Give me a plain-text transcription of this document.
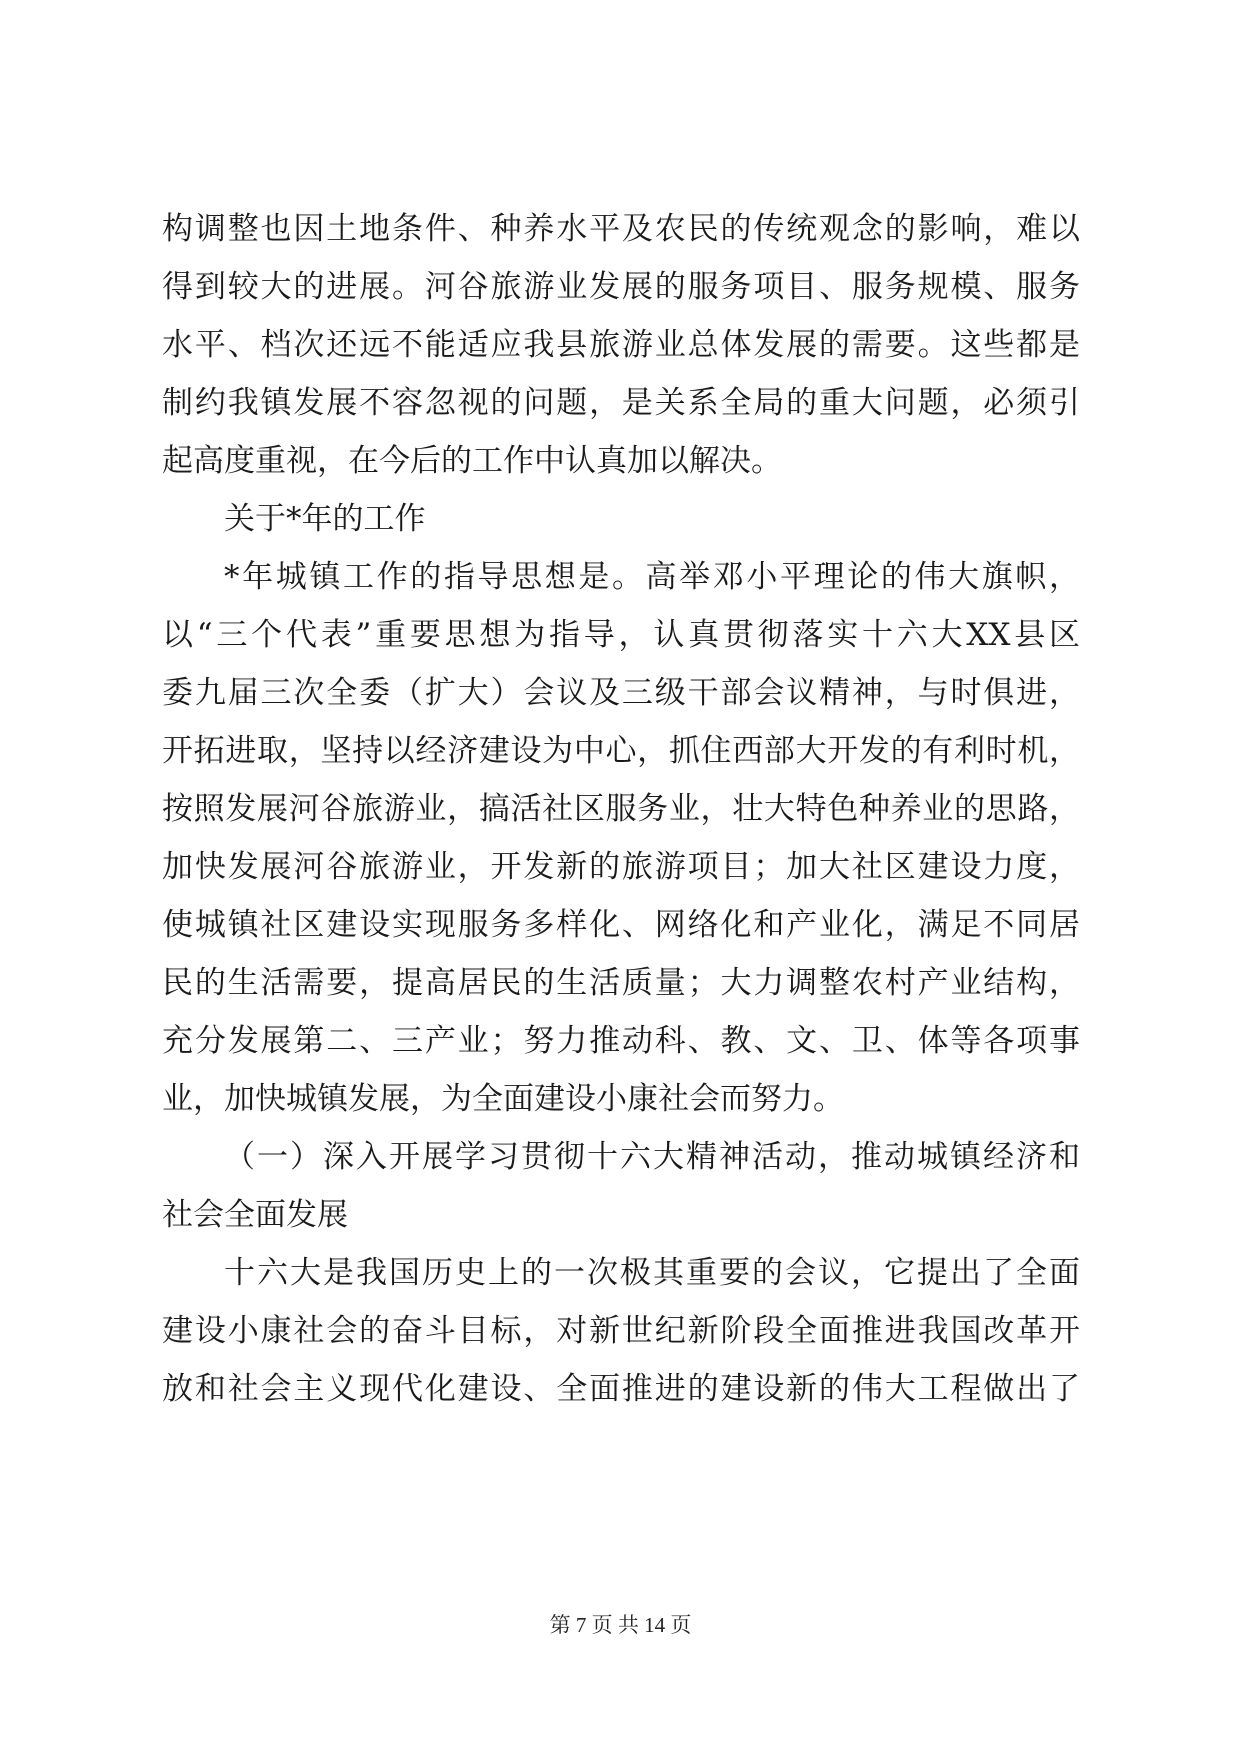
构调整也因土地条件、种养水平及农民的传统观念的影响，难以
得到较大的进展。河谷旅游业发展的服务项目、服务规模、服务
水平、档次还远不能适应我县旅游业总体发展的需要。这些都是
制约我镇发展不容忽视的问题，是关系全局的重大问题，必须引
起高度重视，在今后的工作中认真加以解决。
关于*年的工作
*年城镇工作的指导思想是。高举邓小平理论的伟大旗帜，
以“三个代表”重要思想为指导，认真贯彻落实十六大XX县区
委九届三次全委（扩大）会议及三级干部会议精神，与时俱进，
开拓进取，坚持以经济建设为中心，抓住西部大开发的有利时机，
按照发展河谷旅游业，搞活社区服务业，壮大特色种养业的思路，
加快发展河谷旅游业，开发新的旅游项目；加大社区建设力度，
使城镇社区建设实现服务多样化、网络化和产业化，满足不同居
民的生活需要，提高居民的生活质量；大力调整农村产业结构，
充分发展第二、三产业；努力推动科、教、文、卫、体等各项事
业，加快城镇发展，为全面建设小康社会而努力。
（一）深入开展学习贯彻十六大精神活动，推动城镇经济和
社会全面发展
十六大是我国历史上的一次极其重要的会议，它提出了全面
建设小康社会的奋斗目标，对新世纪新阶段全面推进我国改革开
放和社会主义现代化建设、全面推进的建设新的伟大工程做出了
第 7 页 共 14 页
